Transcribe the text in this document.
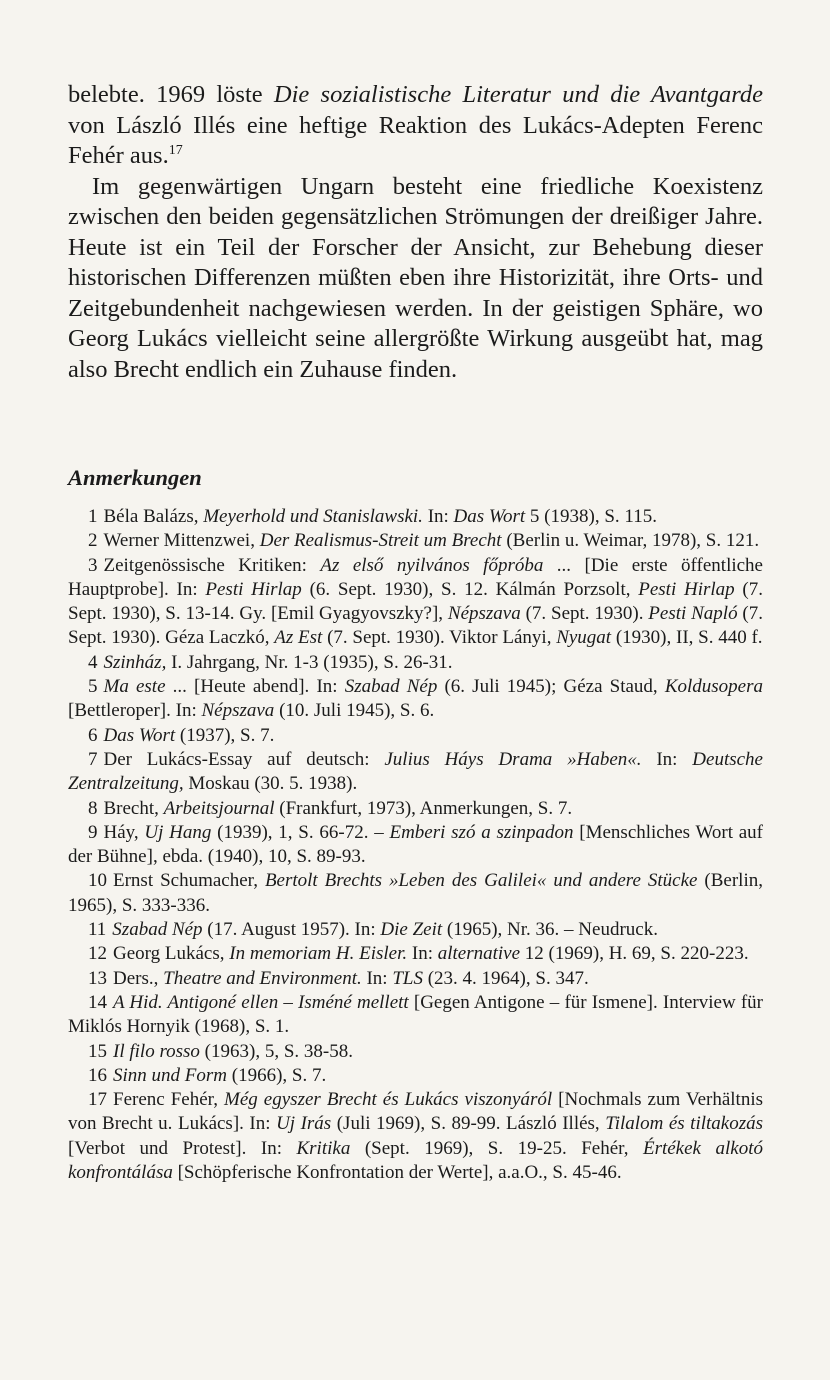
belebte. 1969 löste Die sozialistische Literatur und die Avantgarde von László Illés eine heftige Reaktion des Lukács-Adepten Ferenc Fehér aus.$^{17}$

Im gegenwärtigen Ungarn besteht eine friedliche Koexistenz zwischen den beiden gegensätzlichen Strömungen der dreißiger Jahre. Heute ist ein Teil der Forscher der Ansicht, zur Behebung dieser historischen Differenzen müßten eben ihre Historizität, ihre Orts- und Zeitgebundenheit nachgewiesen werden. In der geistigen Sphäre, wo Georg Lukács vielleicht seine allergrößte Wirkung ausgeübt hat, mag also Brecht endlich ein Zuhause finden.

Anmerkungen
1 Béla Balázs, Meyerhold und Stanislawski. In: Das Wort 5 (1938), S. 115.
2 Werner Mittenzwei, Der Realismus-Streit um Brecht (Berlin u. Weimar, 1978), S. 121.
3 Zeitgenössische Kritiken: Az első nyilvános főpróba ... [Die erste öffentliche Hauptprobe]. In: Pesti Hirlap (6. Sept. 1930), S. 12. Kálmán Porzsolt, Pesti Hirlap (7. Sept. 1930), S. 13-14. Gy. [Emil Gyagyovszky?], Népszava (7. Sept. 1930). Pesti Napló (7. Sept. 1930). Géza Laczkó, Az Est (7. Sept. 1930). Viktor Lányi, Nyugat (1930), II, S. 440 f.
4 Szinház, I. Jahrgang, Nr. 1-3 (1935), S. 26-31.
5 Ma este ... [Heute abend]. In: Szabad Nép (6. Juli 1945); Géza Staud, Koldusopera [Bettleroper]. In: Népszava (10. Juli 1945), S. 6.
6 Das Wort (1937), S. 7.
7 Der Lukács-Essay auf deutsch: Julius Háys Drama »Haben«. In: Deutsche Zentralzeitung, Moskau (30. 5. 1938).
8 Brecht, Arbeitsjournal (Frankfurt, 1973), Anmerkungen, S. 7.
9 Háy, Uj Hang (1939), 1, S. 66-72. – Emberi szó a szinpadon [Menschliches Wort auf der Bühne], ebda. (1940), 10, S. 89-93.
10 Ernst Schumacher, Bertolt Brechts »Leben des Galilei« und andere Stücke (Berlin, 1965), S. 333-336.
11 Szabad Nép (17. August 1957). In: Die Zeit (1965), Nr. 36. – Neudruck.
12 Georg Lukács, In memoriam H. Eisler. In: alternative 12 (1969), H. 69, S. 220-223.
13 Ders., Theatre and Environment. In: TLS (23. 4. 1964), S. 347.
14 A Hid. Antigoné ellen – Isméné mellett [Gegen Antigone – für Ismene]. Interview für Miklós Hornyik (1968), S. 1.
15 Il filo rosso (1963), 5, S. 38-58.
16 Sinn und Form (1966), S. 7.
17 Ferenc Fehér, Még egyszer Brecht és Lukács viszonyáról [Nochmals zum Verhältnis von Brecht u. Lukács]. In: Uj Irás (Juli 1969), S. 89-99. László Illés, Tilalom és tiltakozás [Verbot und Protest]. In: Kritika (Sept. 1969), S. 19-25. Fehér, Értékek alkotó konfrontálása [Schöpferische Konfrontation der Werte], a.a.O., S. 45-46.
